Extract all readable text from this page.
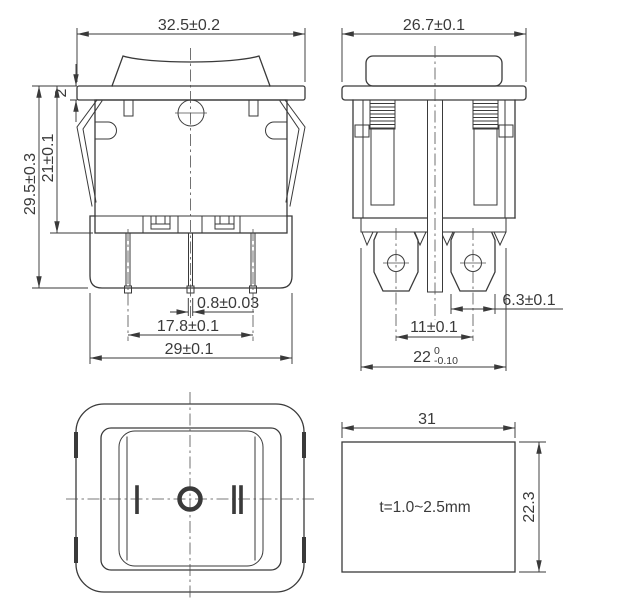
32.5±0.2
2
21±0.1
29.5±0.3
0.8±0.03
17.8±0.1
29±0.1
26.7±0.1
6.3±0.1
11±0.1
22 0
-0.10
I II
31
22.3
t=1.0~2.5mm
